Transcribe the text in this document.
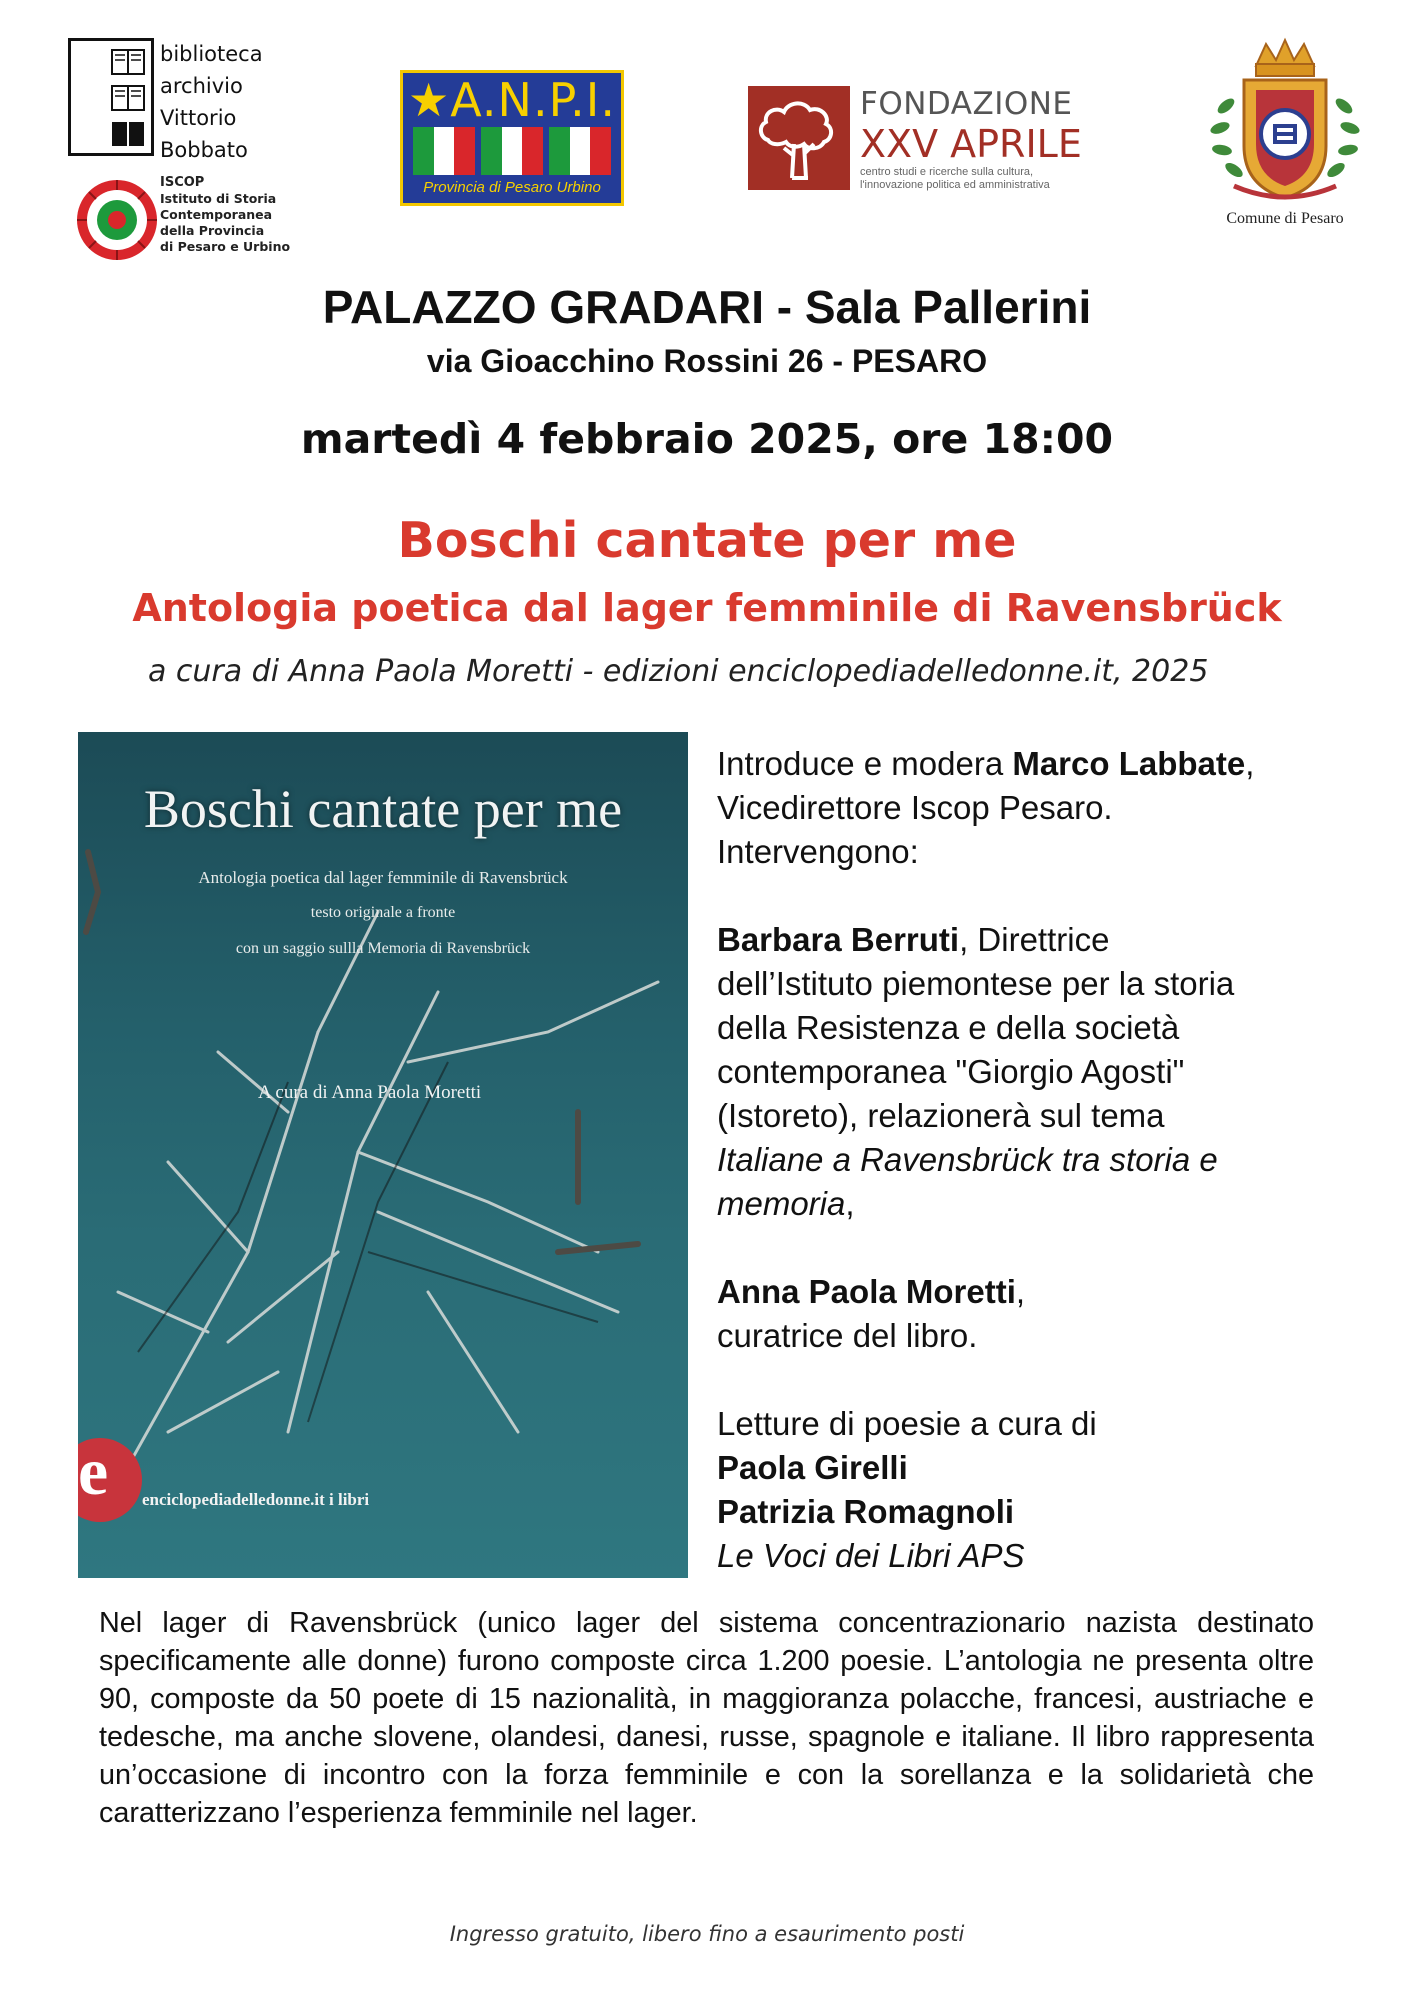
biblioteca
archivio
Vittorio
Bobbato
ISCOP
Istituto di Storia
Contemporanea
della Provincia
di Pesaro e Urbino
★A.N.P.I.
Provincia di Pesaro Urbino
FONDAZIONE
XXV APRILE
centro studi e ricerche sulla cultura,
l'innovazione politica ed amministrativa
Comune di Pesaro
PALAZZO GRADARI - Sala Pallerini
via Gioacchino Rossini 26 - PESARO
martedì 4 febbraio 2025, ore 18:00
Boschi cantate per me
Antologia poetica dal lager femminile di Ravensbrück
a cura di Anna Paola Moretti - edizioni enciclopediadelledonne.it, 2025
Boschi cantate per me
Antologia poetica dal lager femminile di Ravensbrück
testo originale a fronte
con un saggio sullla Memoria di Ravensbrück
A cura di Anna Paola Moretti
e enciclopediadelledonne.it i libri

Introduce e modera Marco Labbate,

Vicedirettore Iscop Pesaro.

Intervengono:

Barbara Berruti, Direttrice

dell’Istituto piemontese per la storia

della Resistenza e della società

contemporanea "Giorgio Agosti"

(Istoreto), relazionerà sul tema

Italiane a Ravensbrück tra storia e

memoria,

Anna Paola Moretti,

curatrice del libro.

Letture di poesie a cura di

Paola Girelli

Patrizia Romagnoli

Le Voci dei Libri APS

Nel lager di Ravensbrück (unico lager del sistema concentrazionario nazista destinato specificamente alle donne) furono composte circa 1.200 poesie. L’antologia ne presenta oltre 90, composte da 50 poete di 15 nazionalità, in maggioranza polacche, francesi, austriache e tedesche, ma anche slovene, olandesi, danesi, russe, spagnole e italiane. Il libro rappresenta un’occasione di incontro con la forza femminile e con la sorellanza e la solidarietà che caratterizzano l’esperienza femminile nel lager.
Ingresso gratuito, libero fino a esaurimento posti
